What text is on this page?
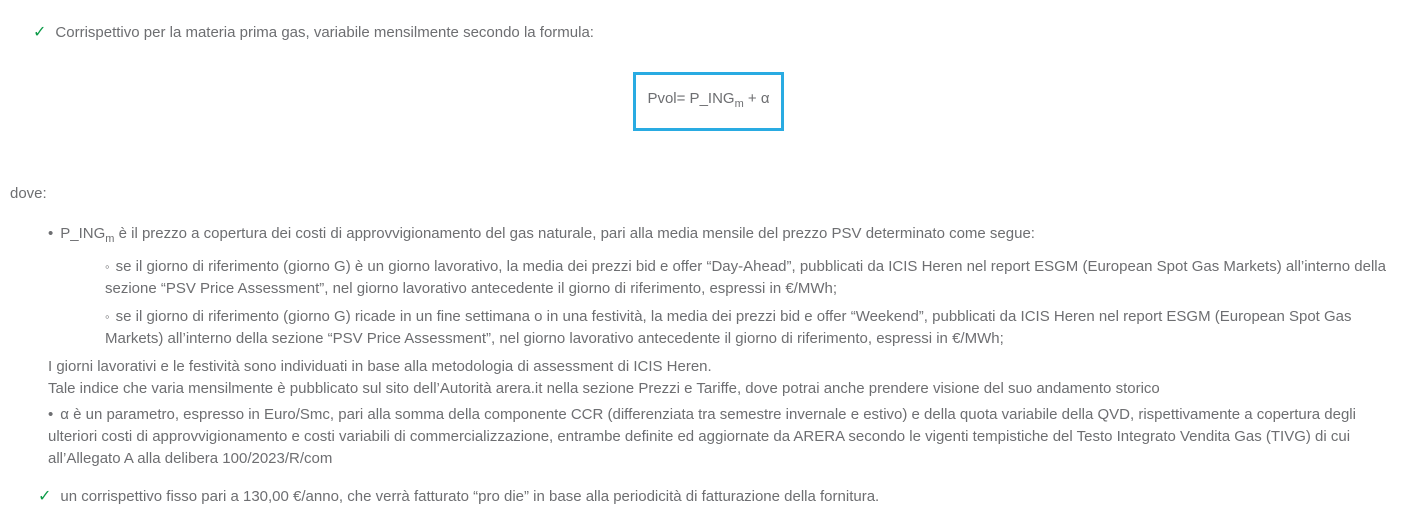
✓ Corrispettivo per la materia prima gas, variabile mensilmente secondo la formula:
Pvol= $P\_ING_m + \alpha$
dove:
• $P\_ING_m$ è il prezzo a copertura dei costi di approvvigionamento del gas naturale, pari alla media mensile del prezzo PSV determinato come segue:
◦ se il giorno di riferimento (giorno G) è un giorno lavorativo, la media dei prezzi bid e offer “Day-Ahead”, pubblicati da ICIS Heren nel report ESGM (European Spot Gas Markets) all’interno della sezione “PSV Price Assessment”, nel giorno lavorativo antecedente il giorno di riferimento, espressi in €/MWh;
◦ se il giorno di riferimento (giorno G) ricade in un fine settimana o in una festività, la media dei prezzi bid e offer “Weekend”, pubblicati da ICIS Heren nel report ESGM (European Spot Gas Markets) all’interno della sezione “PSV Price Assessment”, nel giorno lavorativo antecedente il giorno di riferimento, espressi in €/MWh;
I giorni lavorativi e le festività sono individuati in base alla metodologia di assessment di ICIS Heren.
Tale indice che varia mensilmente è pubblicato sul sito dell’Autorità arera.it nella sezione Prezzi e Tariffe, dove potrai anche prendere visione del suo andamento storico
• α è un parametro, espresso in Euro/Smc, pari alla somma della componente CCR (differenziata tra semestre invernale e estivo) e della quota variabile della QVD, rispettivamente a copertura degli ulteriori costi di approvvigionamento e costi variabili di commercializzazione, entrambe definite ed aggiornate da ARERA secondo le vigenti tempistiche del Testo Integrato Vendita Gas (TIVG) di cui all’Allegato A alla delibera 100/2023/R/com
✓ un corrispettivo fisso pari a 130,00 €/anno, che verrà fatturato “pro die” in base alla periodicità di fatturazione della fornitura.
